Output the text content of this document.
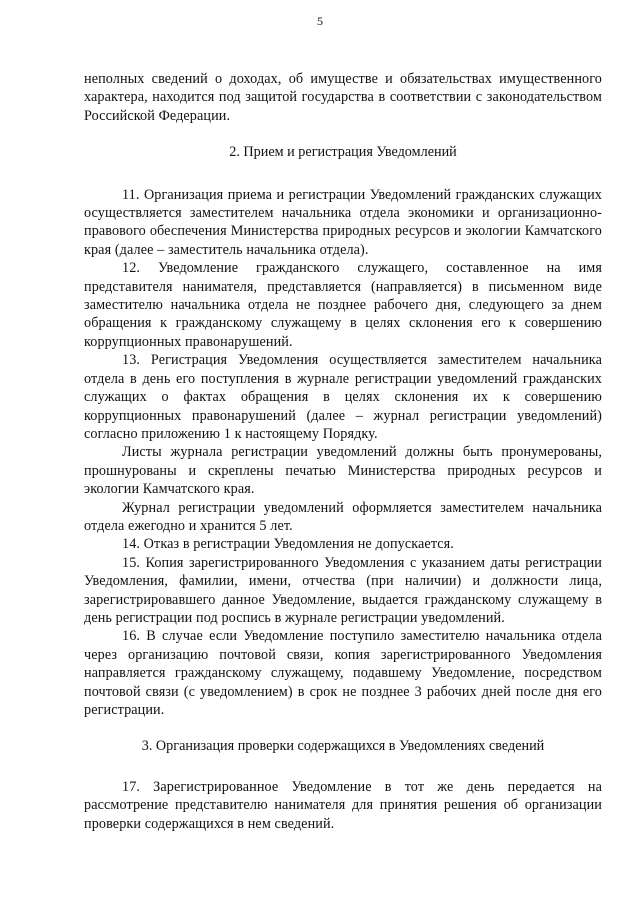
5

неполных сведений о доходах, об имуществе и обязательствах имущественного характера, находится под защитой государства в соответствии с законодательством Российской Федерации.

2. Прием и регистрация Уведомлений

11. Организация приема и регистрации Уведомлений гражданских служащих осуществляется заместителем начальника отдела экономики и организационно-правового обеспечения Министерства природных ресурсов и экологии Камчатского края (далее – заместитель начальника отдела).

12. Уведомление гражданского служащего, составленное на имя представителя нанимателя, представляется (направляется) в письменном виде заместителю начальника отдела не позднее рабочего дня, следующего за днем обращения к гражданскому служащему в целях склонения его к совершению коррупционных правонарушений.

13. Регистрация Уведомления осуществляется заместителем начальника отдела в день его поступления в журнале регистрации уведомлений гражданских служащих о фактах обращения в целях склонения их к совершению коррупционных правонарушений (далее – журнал регистрации уведомлений) согласно приложению 1 к настоящему Порядку.

Листы журнала регистрации уведомлений должны быть пронумерованы, прошнурованы и скреплены печатью Министерства природных ресурсов и экологии Камчатского края.

Журнал регистрации уведомлений оформляется заместителем начальника отдела ежегодно и хранится 5 лет.

14. Отказ в регистрации Уведомления не допускается.

15. Копия зарегистрированного Уведомления с указанием даты регистрации Уведомления, фамилии, имени, отчества (при наличии) и должности лица, зарегистрировавшего данное Уведомление, выдается гражданскому служащему в день регистрации под роспись в журнале регистрации уведомлений.

16. В случае если Уведомление поступило заместителю начальника отдела через организацию почтовой связи, копия зарегистрированного Уведомления направляется гражданскому служащему, подавшему Уведомление, посредством почтовой связи (с уведомлением) в срок не позднее 3 рабочих дней после дня его регистрации.

3. Организация проверки содержащихся в Уведомлениях сведений

17. Зарегистрированное Уведомление в тот же день передается на рассмотрение представителю нанимателя для принятия решения об организации проверки содержащихся в нем сведений.
